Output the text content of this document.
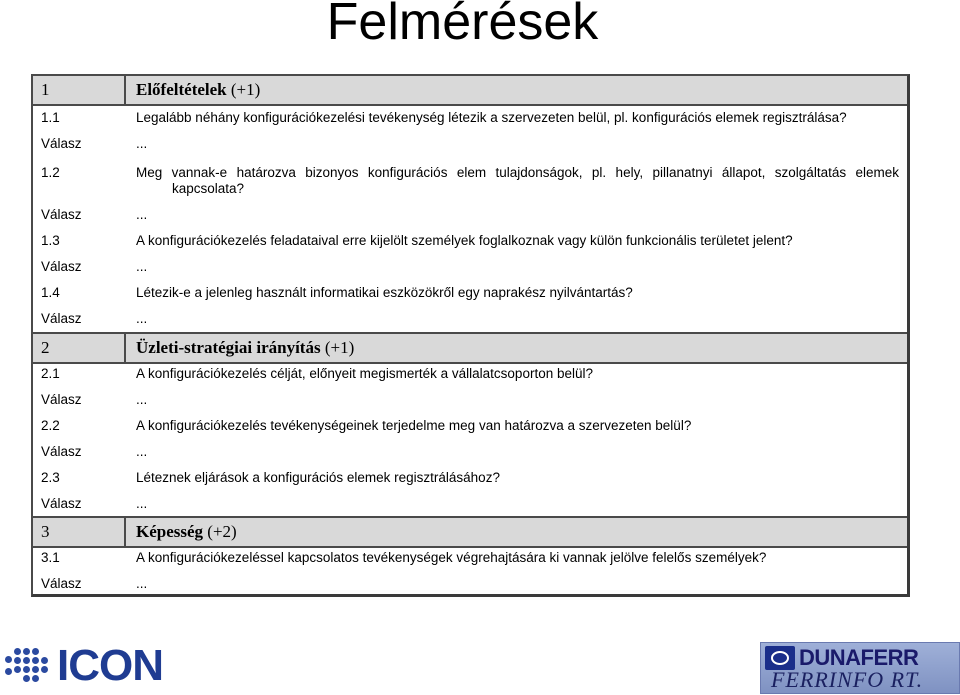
Felmérések
1	Előfeltételek (+1)
1.1	Legalább néhány konfigurációkezelési tevékenység létezik a szervezeten belül, pl. konfigurációs elemek regisztrálása?
Válasz	...
1.2	Meg vannak-e határozva bizonyos konfigurációs elem tulajdonságok, pl. hely, pillanatnyi állapot, szolgáltatás elemek
kapcsolata?
Válasz	...
1.3	A konfigurációkezelés feladataival erre kijelölt személyek foglalkoznak vagy külön funkcionális területet jelent?
Válasz	...
1.4	Létezik-e a jelenleg használt informatikai eszközökről egy naprakész nyilvántartás?
Válasz	...
2	Üzleti-stratégiai irányítás (+1)
2.1	A konfigurációkezelés célját, előnyeit megismerték a vállalatcsoporton belül?
Válasz	...
2.2	A konfigurációkezelés tevékenységeinek terjedelme meg van határozva a szervezeten belül?
Válasz	...
2.3	Léteznek eljárások a konfigurációs elemek regisztrálásához?
Válasz	...
3	Képesség (+2)
3.1	A konfigurációkezeléssel kapcsolatos tevékenységek végrehajtására ki vannak jelölve felelős személyek?
Válasz	...
ICON	DUNAFERR
FERRINFO RT.
